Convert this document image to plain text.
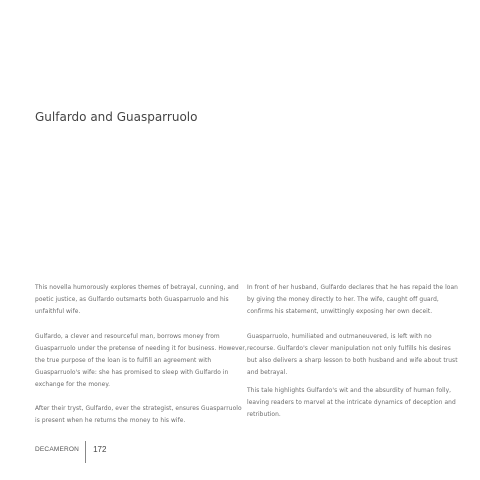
Gulfardo and Guasparruolo

This novella humorously explores themes of betrayal, cunning, and poetic justice, as Gulfardo outsmarts both Guasparruolo and his unfaithful wife.

Gulfardo, a clever and resourceful man, borrows money from Guasparruolo under the pretense of needing it for business. However, the true purpose of the loan is to fulfill an agreement with Guasparruolo's wife: she has promised to sleep with Gulfardo in exchange for the money.

After their tryst, Gulfardo, ever the strategist, ensures Guasparruolo is present when he returns the money to his wife.

In front of her husband, Gulfardo declares that he has repaid the loan by giving the money directly to her. The wife, caught off guard, confirms his statement, unwittingly exposing her own deceit.

Guasparruolo, humiliated and outmaneuvered, is left with no recourse. Gulfardo's clever manipulation not only fulfills his desires but also delivers a sharp lesson to both husband and wife about trust and betrayal.

This tale highlights Gulfardo's wit and the absurdity of human folly, leaving readers to marvel at the intricate dynamics of deception and retribution.

DECAMERON 172
